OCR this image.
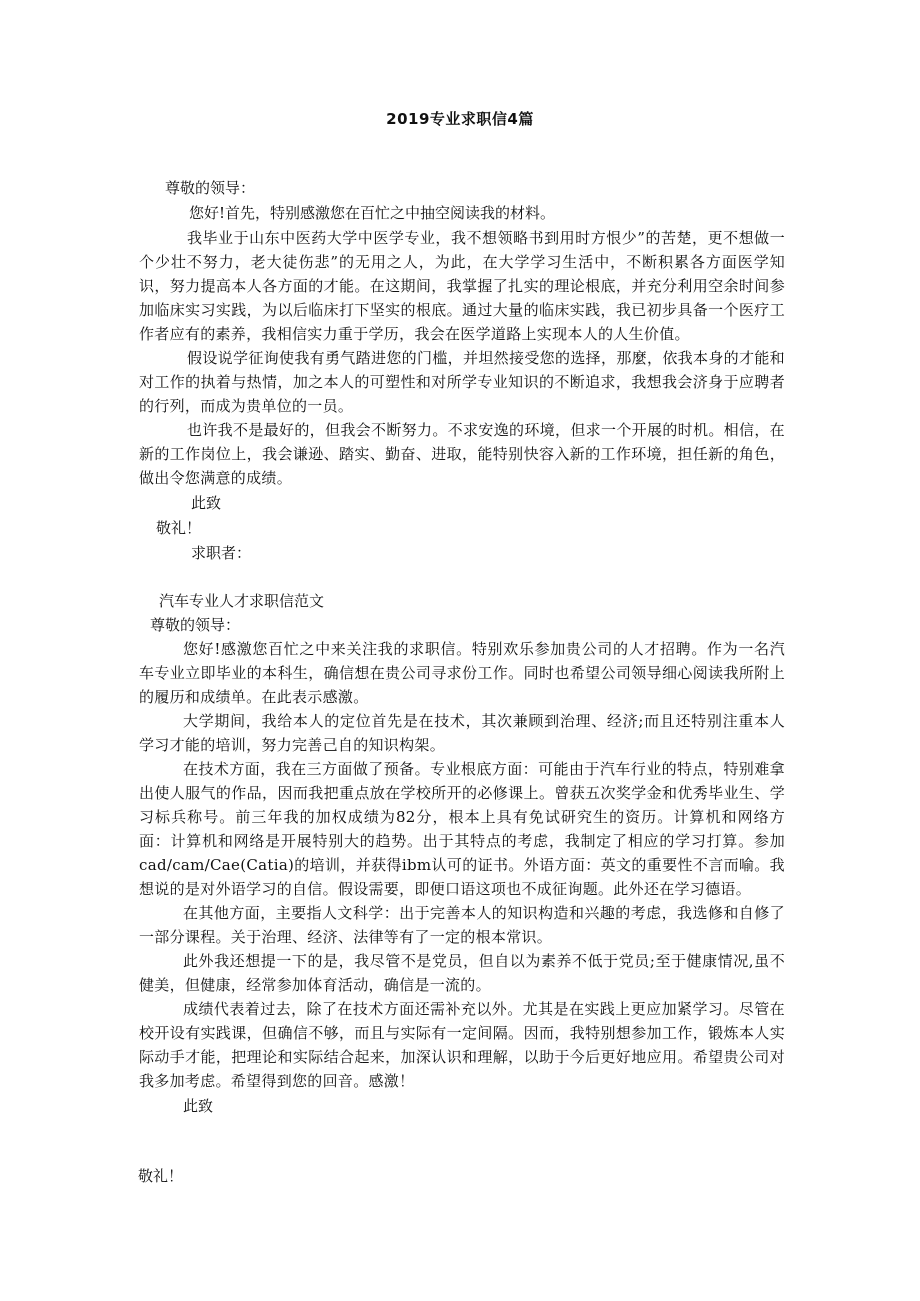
2019专业求职信4篇
尊敬的领导：
您好!首先，特别感激您在百忙之中抽空阅读我的材料。
我毕业于山东中医药大学中医学专业，我不想领略书到用时方恨少”的苦楚，更不想做一个少壮不努力，老大徒伤悲”的无用之人，为此，在大学学习生活中，不断积累各方面医学知识，努力提高本人各方面的才能。在这期间，我掌握了扎实的理论根底，并充分利用空余时间参加临床实习实践，为以后临床打下坚实的根底。通过大量的临床实践，我已初步具备一个医疗工作者应有的素养，我相信实力重于学历，我会在医学道路上实现本人的人生价值。
假设说学征询使我有勇气踏进您的门槛，并坦然接受您的选择，那麼，依我本身的才能和对工作的执着与热情，加之本人的可塑性和对所学专业知识的不断追求，我想我会济身于应聘者的行列，而成为贵单位的一员。
也许我不是最好的，但我会不断努力。不求安逸的环境，但求一个开展的时机。相信，在新的工作岗位上，我会谦逊、踏实、勤奋、进取，能特别快容入新的工作环境，担任新的角色，做出令您满意的成绩。
此致
敬礼！
求职者：
汽车专业人才求职信范文
尊敬的领导：
您好!感激您百忙之中来关注我的求职信。特别欢乐参加贵公司的人才招聘。作为一名汽车专业立即毕业的本科生，确信想在贵公司寻求份工作。同时也希望公司领导细心阅读我所附上的履历和成绩单。在此表示感激。
大学期间，我给本人的定位首先是在技术，其次兼顾到治理、经济;而且还特别注重本人学习才能的培训，努力完善己自的知识构架。
在技术方面，我在三方面做了预备。专业根底方面：可能由于汽车行业的特点，特别难拿出使人服气的作品，因而我把重点放在学校所开的必修课上。曾获五次奖学金和优秀毕业生、学习标兵称号。前三年我的加权成绩为82分，根本上具有免试研究生的资历。计算机和网络方面：计算机和网络是开展特别大的趋势。出于其特点的考虑，我制定了相应的学习打算。参加cad/cam/Cae(Catia)的培训，并获得ibm认可的证书。外语方面：英文的重要性不言而喻。我想说的是对外语学习的自信。假设需要，即便口语这项也不成征询题。此外还在学习德语。
在其他方面，主要指人文科学：出于完善本人的知识构造和兴趣的考虑，我选修和自修了一部分课程。关于治理、经济、法律等有了一定的根本常识。
此外我还想提一下的是，我尽管不是党员，但自以为素养不低于党员;至于健康情况,虽不健美，但健康，经常参加体育活动，确信是一流的。
成绩代表着过去，除了在技术方面还需补充以外。尤其是在实践上更应加紧学习。尽管在校开设有实践课，但确信不够，而且与实际有一定间隔。因而，我特别想参加工作，锻炼本人实际动手才能，把理论和实际结合起来，加深认识和理解，以助于今后更好地应用。希望贵公司对我多加考虑。希望得到您的回音。感激！
此致
敬礼！
